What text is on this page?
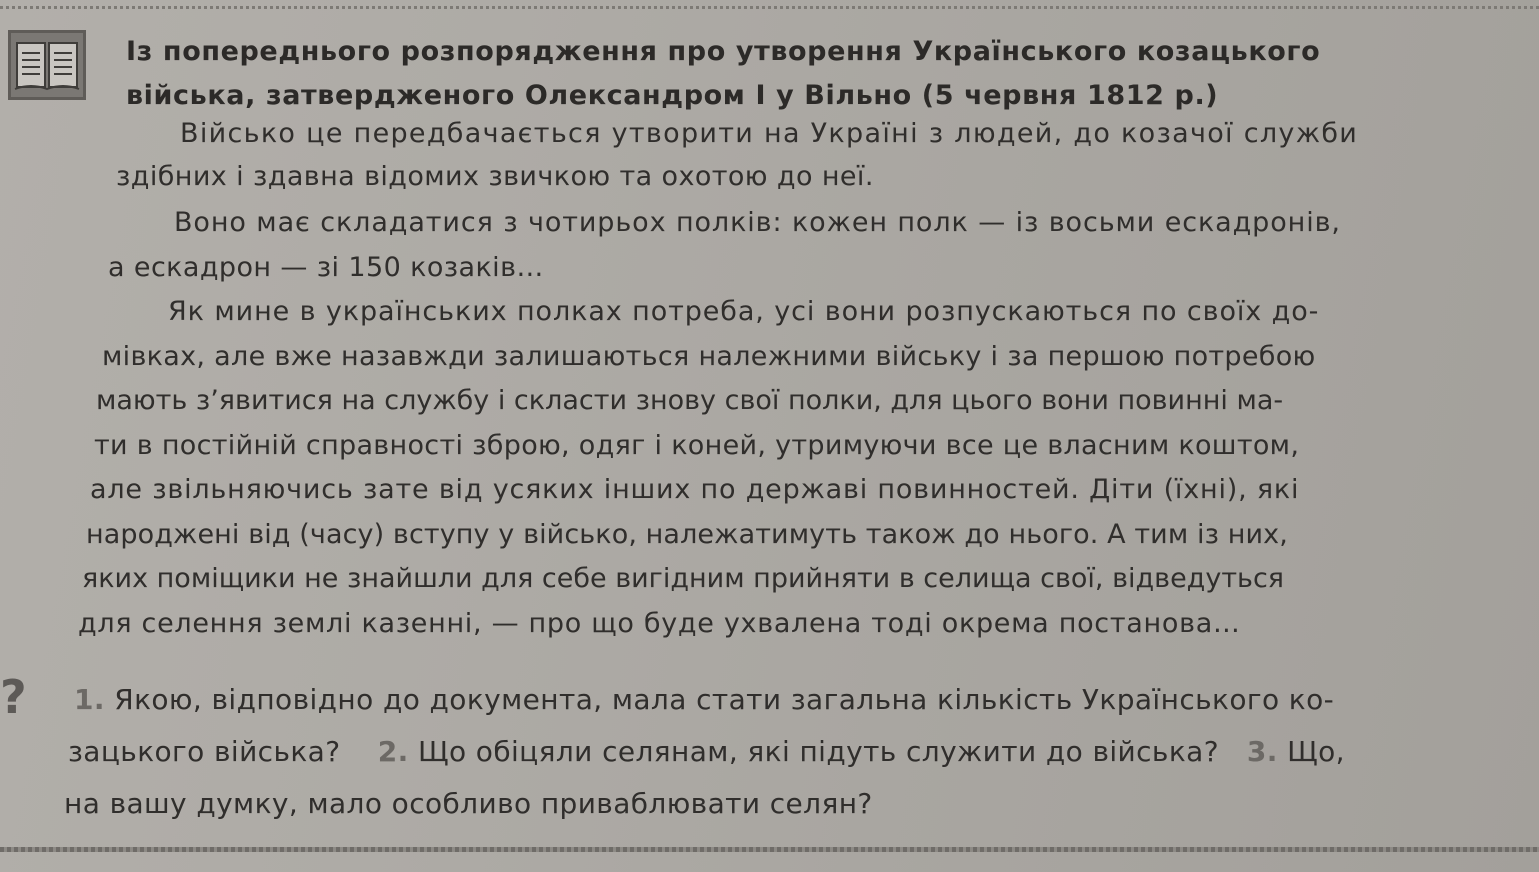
Із попереднього розпорядження про утворення Українського козацького
війська, затвердженого Олександром І у Вільно (5 червня 1812 р.)
Військо це передбачається утворити на Україні з людей, до козачої служби
здібних і здавна відомих звичкою та охотою до неї.
Воно має складатися з чотирьох полків: кожен полк — із восьми ескадронів,
а ескадрон — зі 150 козаків…
Як мине в українських полках потреба, усі вони розпускаються по своїх до-
мівках, але вже назавжди залишаються належними війську і за першою потребою
мають з’явитися на службу і скласти знову свої полки, для цього вони повинні ма-
ти в постійній справності зброю, одяг і коней, утримуючи все це власним коштом,
але звільняючись зате від усяких інших по державі повинностей. Діти (їхні), які
народжені від (часу) вступу у військо, належатимуть також до нього. А тим із них,
яких поміщики не знайшли для себе вигідним прийняти в селища свої, відведуться
для селення землі казенні, — про що буде ухвалена тоді окрема постанова…
?	1. Якою, відповідно до документа, мала стати загальна кількість Українського ко-
зацького війська? 2. Що обіцяли селянам, які підуть служити до війська? 3. Що,
на вашу думку, мало особливо приваблювати селян?
